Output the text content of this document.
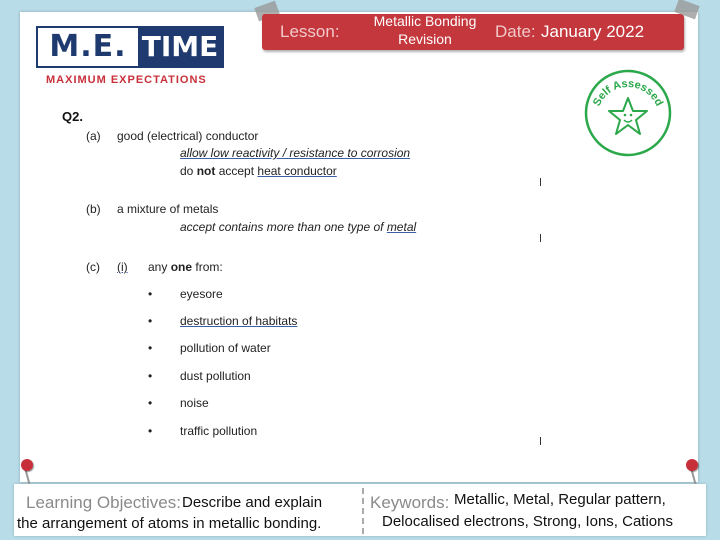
M.E. TIME
MAXIMUM EXPECTATIONS
Lesson:
Metallic Bonding
Revision	Date: January 2022
Self Assessed
Q2.
(a) good (electrical) conductor
allow low reactivity / resistance to corrosion
do not accept heat conductor
(b) a mixture of metals
accept contains more than one type of metal
(c) (i) any one from:
• eyesore
• destruction of habitats
• pollution of water
• dust pollution
• noise
• traffic pollution
Learning Objectives: Describe and explain
the arrangement of atoms in metallic bonding.
Keywords: Metallic, Metal, Regular pattern,
Delocalised electrons, Strong, Ions, Cations
